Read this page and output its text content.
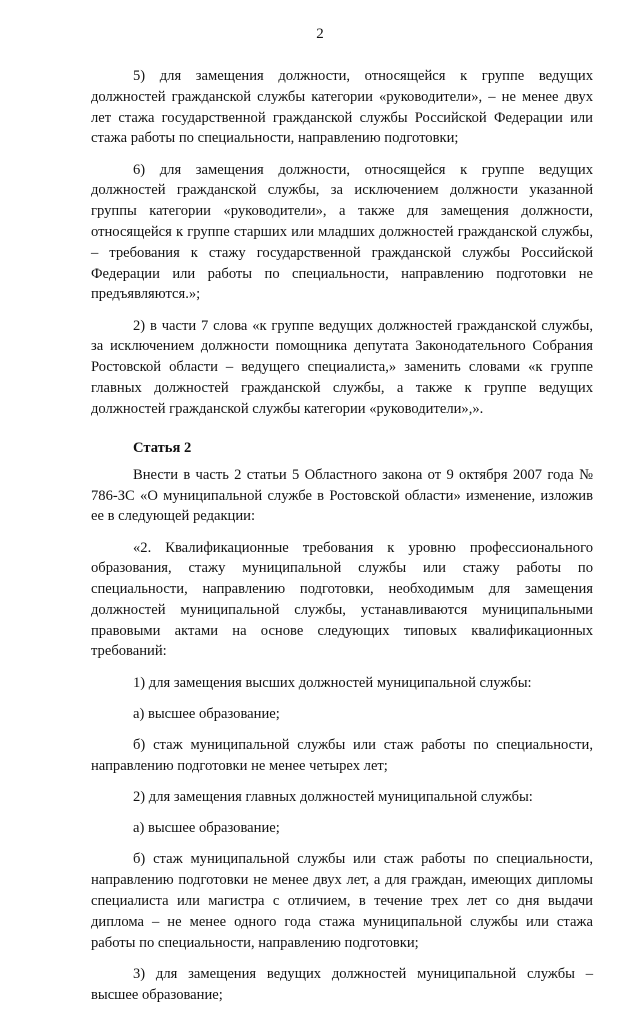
2

5) для замещения должности, относящейся к группе ведущих должностей гражданской службы категории «руководители», – не менее двух лет стажа государственной гражданской службы Российской Федерации или стажа работы по специальности, направлению подготовки;

6) для замещения должности, относящейся к группе ведущих должностей гражданской службы, за исключением должности указанной группы категории «руководители», а также для замещения должности, относящейся к группе старших или младших должностей гражданской службы, – требования к стажу государственной гражданской службы Российской Федерации или работы по специальности, направлению подготовки не предъявляются.»;

2) в части 7 слова «к группе ведущих должностей гражданской службы, за исключением должности помощника депутата Законодательного Собрания Ростовской области – ведущего специалиста,» заменить словами «к группе главных должностей гражданской службы, а также к группе ведущих должностей гражданской службы категории «руководители»,».

Статья 2

Внести в часть 2 статьи 5 Областного закона от 9 октября 2007 года № 786-ЗС «О муниципальной службе в Ростовской области» изменение, изложив ее в следующей редакции:

«2. Квалификационные требования к уровню профессионального образования, стажу муниципальной службы или стажу работы по специальности, направлению подготовки, необходимым для замещения должностей муниципальной службы, устанавливаются муниципальными правовыми актами на основе следующих типовых квалификационных требований:

1) для замещения высших должностей муниципальной службы:

а) высшее образование;

б) стаж муниципальной службы или стаж работы по специальности, направлению подготовки не менее четырех лет;

2) для замещения главных должностей муниципальной службы:

а) высшее образование;

б) стаж муниципальной службы или стаж работы по специальности, направлению подготовки не менее двух лет, а для граждан, имеющих дипломы специалиста или магистра с отличием, в течение трех лет со дня выдачи диплома – не менее одного года стажа муниципальной службы или стажа работы по специальности, направлению подготовки;

3) для замещения ведущих должностей муниципальной службы – высшее образование;
